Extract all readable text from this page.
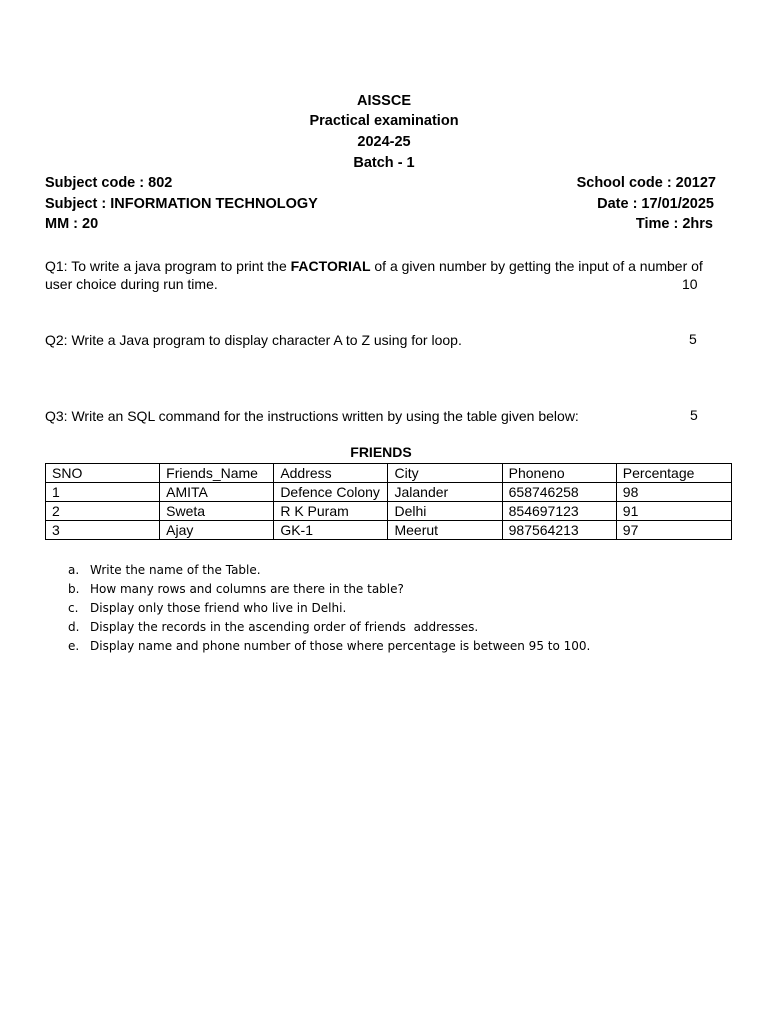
AISSCE
Practical examination
2024-25
Batch - 1
Subject code : 802	School code : 20127
Subject : INFORMATION TECHNOLOGY	Date : 17/01/2025
MM : 20	Time : 2hrs
Q1: To write a java program to print the FACTORIAL of a given number by getting the input of a number of
user choice during run time.	10
Q2: Write a Java program to display character A to Z using for loop.	5
Q3: Write an SQL command for the instructions written by using the table given below:	5
FRIENDS
SNO	Friends_Name	Address	City	Phoneno	Percentage
1	AMITA	Defence Colony	Jalander	658746258	98
2	Sweta	R K Puram	Delhi	854697123	91
3	Ajay	GK-1	Meerut	987564213	97
a. Write the name of the Table.
b. How many rows and columns are there in the table?
c. Display only those friend who live in Delhi.
d. Display the records in the ascending order of friends  addresses.
e. Display name and phone number of those where percentage is between 95 to 100.
